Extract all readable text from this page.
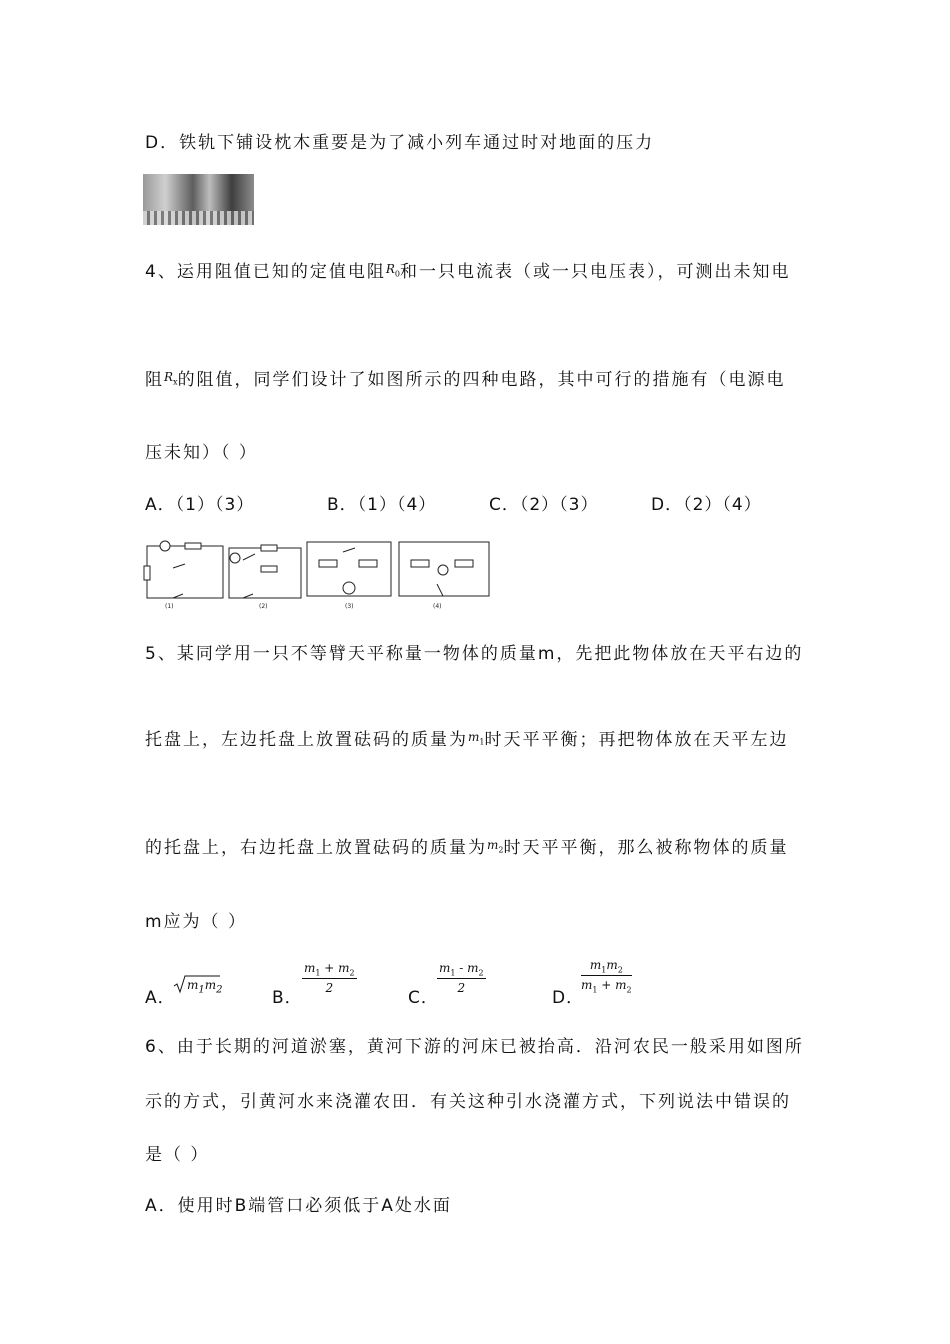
D．铁轨下铺设枕木重要是为了减小列车通过时对地面的压力
4、运用阻值已知的定值电阻$^{R_0}$和一只电流表（或一只电压表），可测出未知电
阻$^{R_x}$的阻值，同学们设计了如图所示的四种电路，其中可行的措施有（电源电
压未知）（ ）
A．（1）（3）	B．（1）（4）	C．（2）（3）	D．（2）（4）
(1)	(2)	(3)	(4)
5、某同学用一只不等臂天平称量一物体的质量m，先把此物体放在天平右边的
托盘上，左边托盘上放置砝码的质量为$^{m_1}$时天平平衡；再把物体放在天平左边
的托盘上，右边托盘上放置砝码的质量为$^{m_2}$时天平平衡，那么被称物体的质量
m应为（ ）
A．
$m_1m_2$	B．
$\frac{m_1 + m_2}{2}$
C．
$\frac{m_1 - m_2}{2}$
D．
$\frac{m_1m_2}{m_1 + m_2}$
6、由于长期的河道淤塞，黄河下游的河床已被抬高．沿河农民一般采用如图所
示的方式，引黄河水来浇灌农田．有关这种引水浇灌方式，下列说法中错误的
是（ ）
A．使用时B端管口必须低于A处水面
